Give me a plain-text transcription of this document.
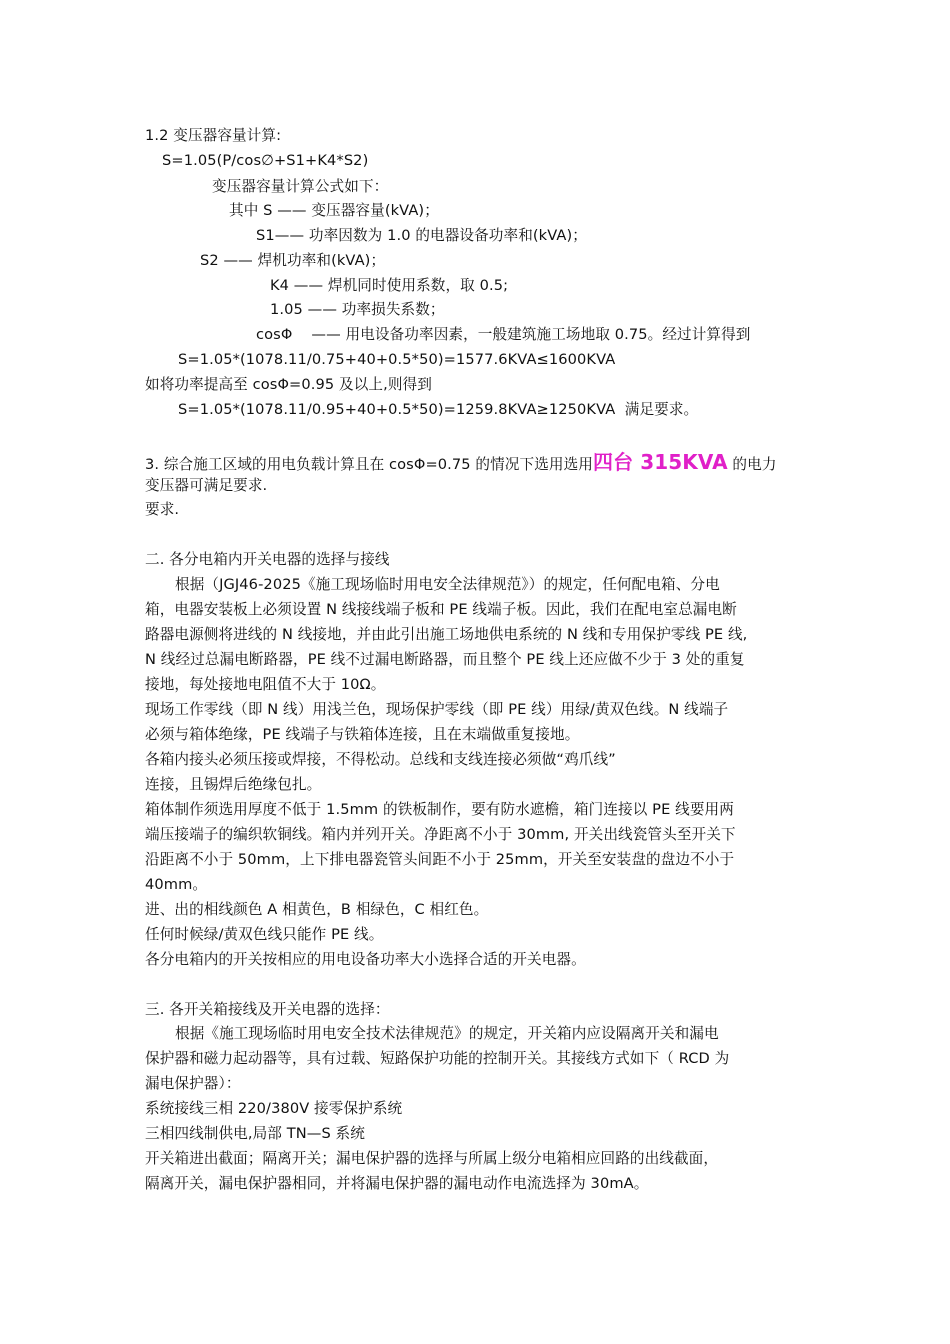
1.2 变压器容量计算:
S=1.05(P/cos∅+S1+K4*S2)
变压器容量计算公式如下：
其中 S —— 变压器容量(kVA)；
S1—— 功率因数为 1.0 的电器设备功率和(kVA)；
S2 —— 焊机功率和(kVA)；
K4 —— 焊机同时使用系数，取 0.5;
1.05 —— 功率损失系数；
cosΦ    —— 用电设备功率因素，一般建筑施工场地取 0.75。经过计算得到
S=1.05*(1078.11/0.75+40+0.5*50)=1577.6KVA≤1600KVA
如将功率提高至 cosΦ=0.95 及以上,则得到
S=1.05*(1078.11/0.95+40+0.5*50)=1259.8KVA≥1250KVA  满足要求。
3. 综合施工区域的用电负载计算且在 cosΦ=0.75 的情况下选用选用四台 315KVA 的电力
变压器可满足要求.
要求.
二. 各分电箱内开关电器的选择与接线
根据（JGJ46-2025《施工现场临时用电安全法律规范》）的规定，任何配电箱、分电
箱，电器安装板上必须设置 N 线接线端子板和 PE 线端子板。因此，我们在配电室总漏电断
路器电源侧将进线的 N 线接地，并由此引出施工场地供电系统的 N 线和专用保护零线 PE 线,
N 线经过总漏电断路器，PE 线不过漏电断路器，而且整个 PE 线上还应做不少于 3 处的重复
接地，每处接地电阻值不大于 10Ω。
现场工作零线（即 N 线）用浅兰色，现场保护零线（即 PE 线）用绿/黄双色线。N 线端子
必须与箱体绝缘，PE 线端子与铁箱体连接，且在末端做重复接地。
各箱内接头必须压接或焊接，不得松动。总线和支线连接必须做“鸡爪线”
连接，且锡焊后绝缘包扎。
箱体制作须选用厚度不低于 1.5mm 的铁板制作，要有防水遮檐，箱门连接以 PE 线要用两
端压接端子的编织软铜线。箱内并列开关。净距离不小于 30mm, 开关出线瓷管头至开关下
沿距离不小于 50mm，上下排电器瓷管头间距不小于 25mm，开关至安装盘的盘边不小于
40mm。
进、出的相线颜色 A 相黄色，B 相绿色，C 相红色。
任何时候绿/黄双色线只能作 PE 线。
各分电箱内的开关按相应的用电设备功率大小选择合适的开关电器。
三. 各开关箱接线及开关电器的选择：
根据《施工现场临时用电安全技术法律规范》的规定，开关箱内应设隔离开关和漏电
保护器和磁力起动器等，具有过载、短路保护功能的控制开关。其接线方式如下（ RCD 为
漏电保护器）：
系统接线三相 220/380V 接零保护系统
三相四线制供电,局部 TN—S 系统
开关箱进出截面；隔离开关；漏电保护器的选择与所属上级分电箱相应回路的出线截面，
隔离开关，漏电保护器相同，并将漏电保护器的漏电动作电流选择为 30mA。
